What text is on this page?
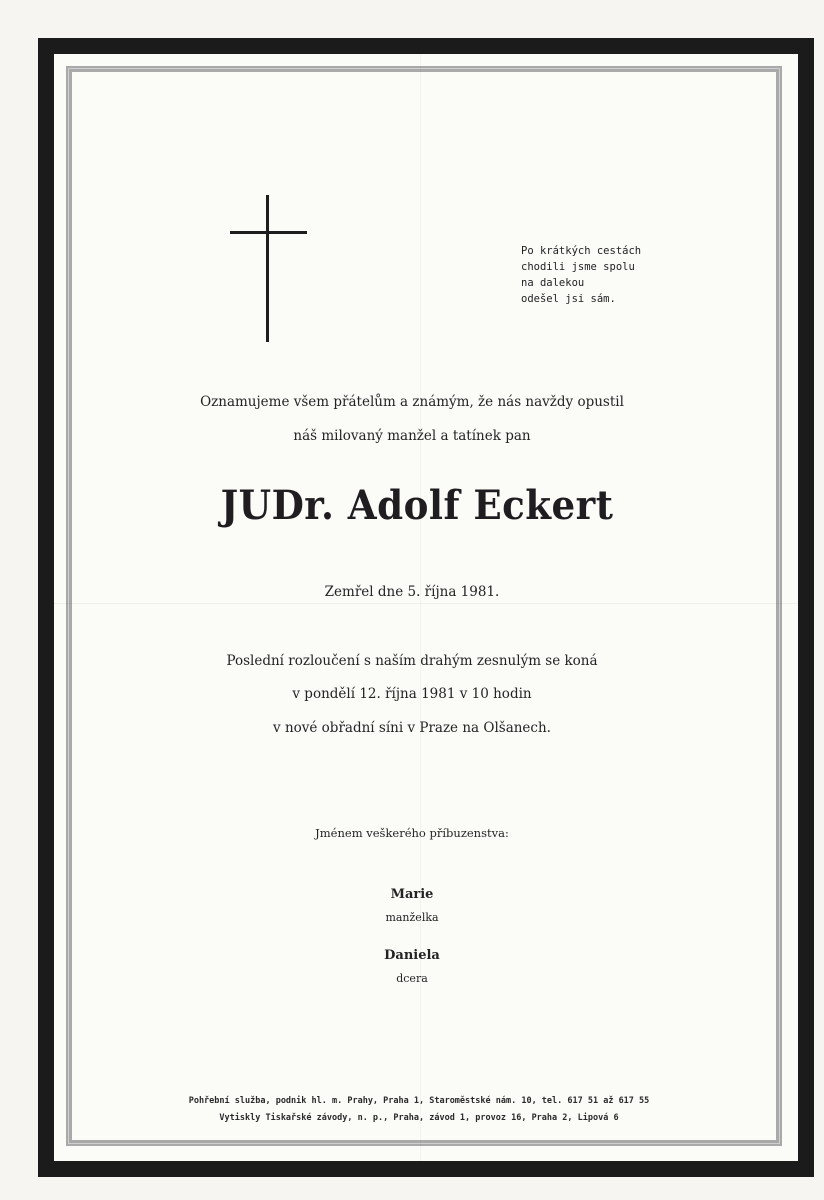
Po krátkých cestách
chodili jsme spolu
na dalekou
odešel jsi sám.
Oznamujeme všem přátelům a známým, že nás navždy opustil
náš milovaný manžel a tatínek pan
JUDr. Adolf Eckert
Zemřel dne 5. října 1981.
Poslední rozloučení s naším drahým zesnulým se koná
v pondělí 12. října 1981 v 10 hodin
v nové obřadní síni v Praze na Olšanech.
Jménem veškerého příbuzenstva:
Marie
manželka
Daniela
dcera
Pohřební služba, podnik hl. m. Prahy, Praha 1, Staroměstské nám. 10, tel. 617 51 až 617 55
Vytiskly Tiskařské závody, n. p., Praha, závod 1, provoz 16, Praha 2, Lipová 6
